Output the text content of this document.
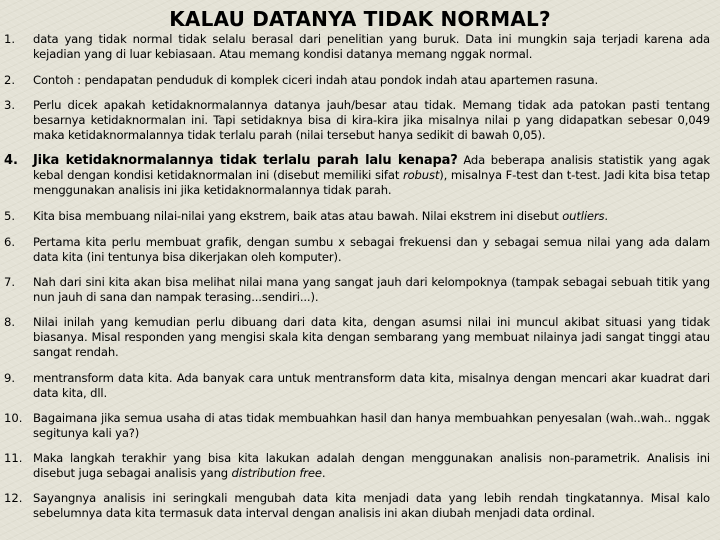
KALAU DATANYA TIDAK NORMAL?
1. data yang tidak normal tidak selalu berasal dari penelitian yang buruk. Data ini mungkin saja terjadi karena ada kejadian yang di luar kebiasaan. Atau memang kondisi datanya memang nggak normal.
2. Contoh : pendapatan penduduk di komplek ciceri indah atau pondok indah atau apartemen rasuna.
3. Perlu dicek apakah ketidaknormalannya datanya jauh/besar atau tidak. Memang tidak ada patokan pasti tentang besarnya ketidaknormalan ini. Tapi setidaknya bisa di kira-kira jika misalnya nilai p yang didapatkan sebesar 0,049 maka ketidaknormalannya tidak terlalu parah (nilai tersebut hanya sedikit di bawah 0,05).
4. Jika ketidaknormalannya tidak terlalu parah lalu kenapa? Ada beberapa analisis statistik yang agak kebal dengan kondisi ketidaknormalan ini (disebut memiliki sifat robust), misalnya F-test dan t-test. Jadi kita bisa tetap menggunakan analisis ini jika ketidaknormalannya tidak parah.
5. Kita bisa membuang nilai-nilai yang ekstrem, baik atas atau bawah. Nilai ekstrem ini disebut outliers.
6. Pertama kita perlu membuat grafik, dengan sumbu x sebagai frekuensi dan y sebagai semua nilai yang ada dalam data kita (ini tentunya bisa dikerjakan oleh komputer).
7. Nah dari sini kita akan bisa melihat nilai mana yang sangat jauh dari kelompoknya (tampak sebagai sebuah titik yang nun jauh di sana dan nampak terasing...sendiri...).
8. Nilai inilah yang kemudian perlu dibuang dari data kita, dengan asumsi nilai ini muncul akibat situasi yang tidak biasanya. Misal responden yang mengisi skala kita dengan sembarang yang membuat nilainya jadi sangat tinggi atau sangat rendah.
9. mentransform data kita. Ada banyak cara untuk mentransform data kita, misalnya dengan mencari akar kuadrat dari data kita, dll.
10. Bagaimana jika semua usaha di atas tidak membuahkan hasil dan hanya membuahkan penyesalan (wah..wah.. nggak segitunya kali ya?)
11. Maka langkah terakhir yang bisa kita lakukan adalah dengan menggunakan analisis non-parametrik. Analisis ini disebut juga sebagai analisis yang distribution free.
12. Sayangnya analisis ini seringkali mengubah data kita menjadi data yang lebih rendah tingkatannya. Misal kalo sebelumnya data kita termasuk data interval dengan analisis ini akan diubah menjadi data ordinal.
